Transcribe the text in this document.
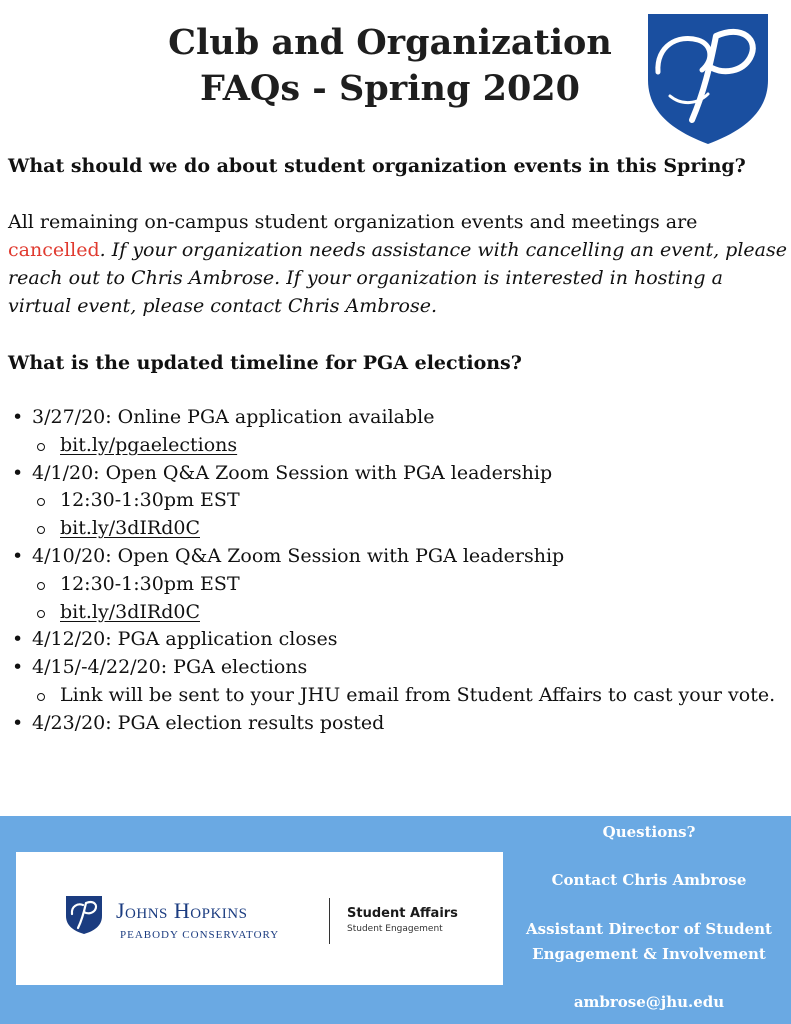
Club and Organization
FAQs - Spring 2020
What should we do about student organization events in this Spring?

All remaining on-campus student organization events and meetings are cancelled. If your organization needs assistance with cancelling an event, please reach out to Chris Ambrose. If your organization is interested in hosting a virtual event, please contact Chris Ambrose.

What is the updated timeline for PGA elections?
• 3/27/20: Online PGA application available
bit.ly/pgaelections
• 4/1/20: Open Q&A Zoom Session with PGA leadership
12:30-1:30pm EST
bit.ly/3dIRd0C
• 4/10/20: Open Q&A Zoom Session with PGA leadership
12:30-1:30pm EST
bit.ly/3dIRd0C
• 4/12/20: PGA application closes
• 4/15/-4/22/20: PGA elections
Link will be sent to your JHU email from Student Affairs to cast your vote.
• 4/23/20: PGA election results posted
Johns Hopkins
PEABODY CONSERVATORY
Student Affairs
Student Engagement
Questions?
Contact Chris Ambrose
Assistant Director of Student
Engagement & Involvement
ambrose@jhu.edu
